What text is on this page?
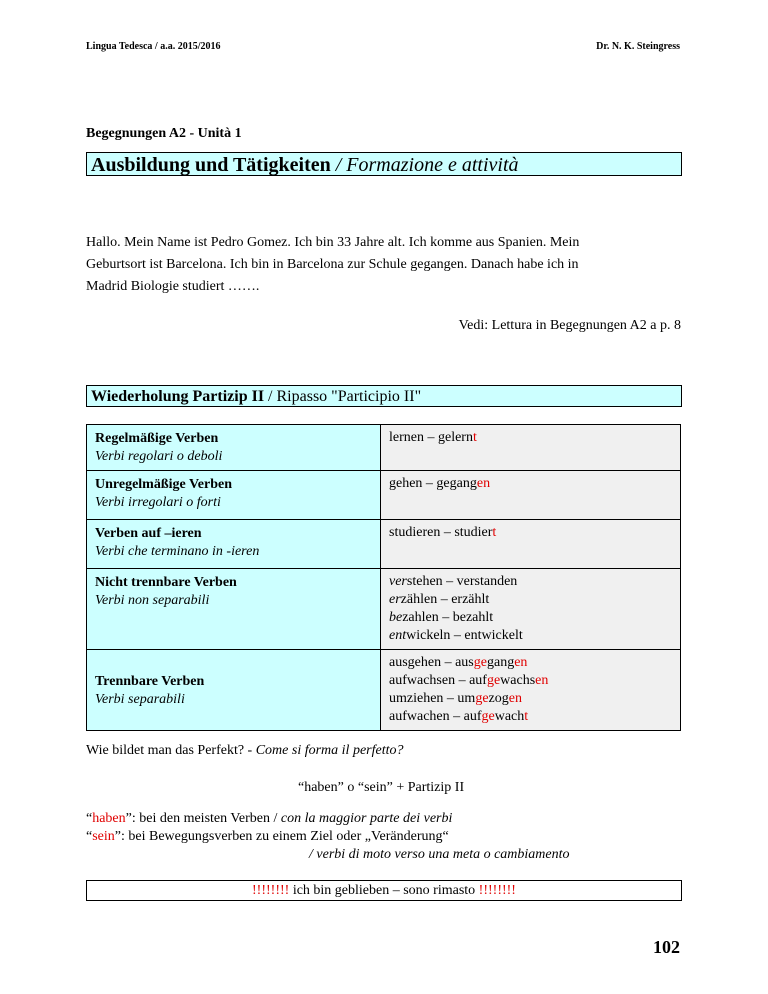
Lingua Tedesca / a.a. 2015/2016	Dr. N. K. Steingress
Begegnungen A2 - Unità 1
Ausbildung und Tätigkeiten / Formazione e attività
Hallo. Mein Name ist Pedro Gomez. Ich bin 33 Jahre alt. Ich komme aus Spanien. Mein
Geburtsort ist Barcelona. Ich bin in Barcelona zur Schule gegangen. Danach habe ich in
Madrid Biologie studiert …….
Vedi: Lettura in Begegnungen A2 a p. 8
Wiederholung Partizip II / Ripasso "Participio II"
Regelmäßige Verben
Verbi regolari o deboli	lernen – gelernt

Unregelmäßige Verben
Verbi irregolari o forti	gehen – gegangen

Verben auf –ieren
Verbi che terminano in -ieren	studieren – studiert

Nicht trennbare Verben
Verbi non separabili	verstehen – verstanden
erzählen – erzählt
bezahlen – bezahlt
entwickeln – entwickelt

Trennbare Verben
Verbi separabili	ausgehen – ausgegangen
aufwachsen – aufgewachsen
umziehen – umgezogen
aufwachen – aufgewacht
Wie bildet man das Perfekt? - Come si forma il perfetto?
“haben” o “sein” + Partizip II
“haben”: bei den meisten Verben / con la maggior parte dei verbi
“sein”: bei Bewegungsverben zu einem Ziel oder „Veränderung“
/ verbi di moto verso una meta o cambiamento
!!!!!!!! ich bin geblieben – sono rimasto !!!!!!!!
102
